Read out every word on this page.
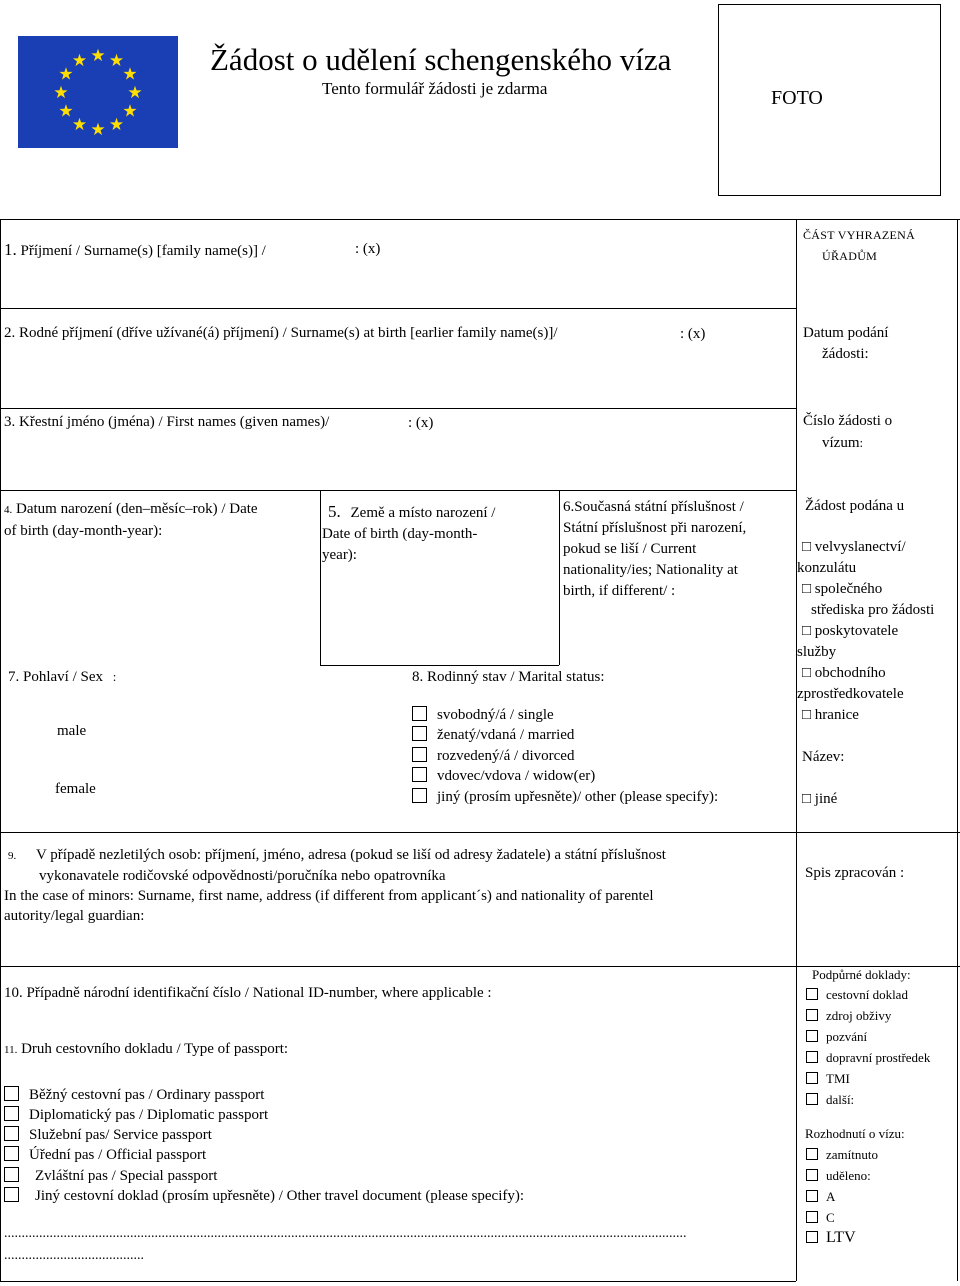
★ ★
★
★
★
★
★
★
★
★
★
★	Žádost o udělení schengenského víza
Tento formulář žádosti je zdarma	FOTO
1. Příjmení / Surname(s) [family name(s)] /	: (x)
2. Rodné příjmení (dříve užívané(á) příjmení) / Surname(s) at birth [earlier family name(s)]/	: (x)
3. Křestní jméno (jména) / First names (given names)/	: (x)
4. Datum narození (den–měsíc–rok) / Date
of birth (day-month-year):
5. Země a místo narození /
Date of birth (day-month-
year):
6.Současná státní příslušnost /
Státní příslušnost při narození,
pokud se liší / Current
nationality/ies; Nationality at
birth, if different/ :
7. Pohlaví / Sex :
male
female
8. Rodinný stav / Marital status:
svobodný/á / single
ženatý/vdaná / married
rozvedený/á / divorced
vdovec/vdova / widow(er)
jiný (prosím upřesněte)/ other (please specify):
9. V případě nezletilých osob: příjmení, jméno, adresa (pokud se liší od adresy žadatele) a státní příslušnost
vykonavatele rodičovské odpovědnosti/poručníka nebo opatrovníka
In the case of minors: Surname, first name, address (if different from applicant´s) and nationality of parentel
autority/legal guardian:
10. Případně národní identifikační číslo / National ID-number, where applicable :
11. Druh cestovního dokladu / Type of passport:
Běžný cestovní pas / Ordinary passport
Diplomatický pas / Diplomatic passport
Služební pas/ Service passport
Úřední pas / Official passport
Zvláštní pas / Special passport
Jiný cestovní doklad (prosím upřesněte) / Other travel document (please specify):
...................................................................................................................................................................................................
........................................
ČÁST VYHRAZENÁ
ÚŘADŮM
Datum podání
žádosti:
Číslo žádosti o
vízum:
Žádost podána u

□ velvyslanectví/
konzulátu
□ společného
střediska pro žádosti
□ poskytovatele
služby
□ obchodního
zprostředkovatele
□ hranice

Název:

□ jiné
Spis zpracován :
Podpůrné doklady:
cestovní doklad
zdroj obživy
pozvání
dopravní prostředek
TMI
další:
Rozhodnutí o vízu:
zamítnuto
uděleno:
A
C
LTV
